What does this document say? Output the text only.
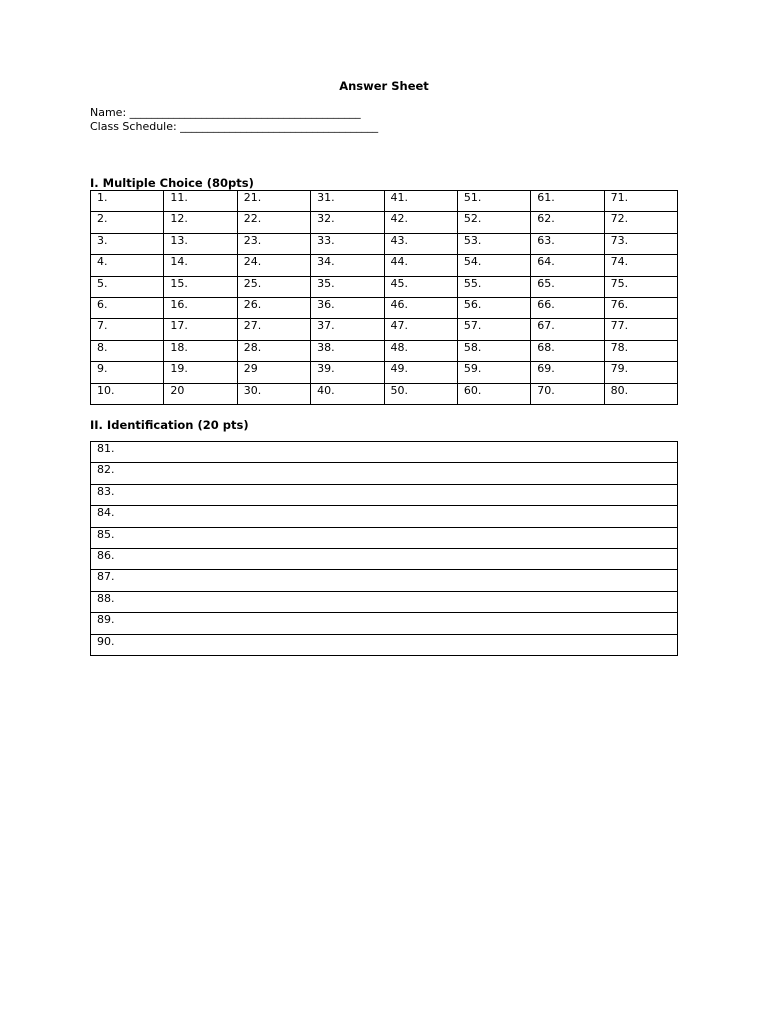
Answer Sheet
Name: __________________________________________
Class Schedule: ____________________________________
I. Multiple Choice (80pts)
1.	11.	21.	31.	41.	51.	61.	71.
2.	12.	22.	32.	42.	52.	62.	72.
3.	13.	23.	33.	43.	53.	63.	73.
4.	14.	24.	34.	44.	54.	64.	74.
5.	15.	25.	35.	45.	55.	65.	75.
6.	16.	26.	36.	46.	56.	66.	76.
7.	17.	27.	37.	47.	57.	67.	77.
8.	18.	28.	38.	48.	58.	68.	78.
9.	19.	29	39.	49.	59.	69.	79.
10.	20	30.	40.	50.	60.	70.	80.
II. Identification (20 pts)
81.
82.
83.
84.
85.
86.
87.
88.
89.
90.
